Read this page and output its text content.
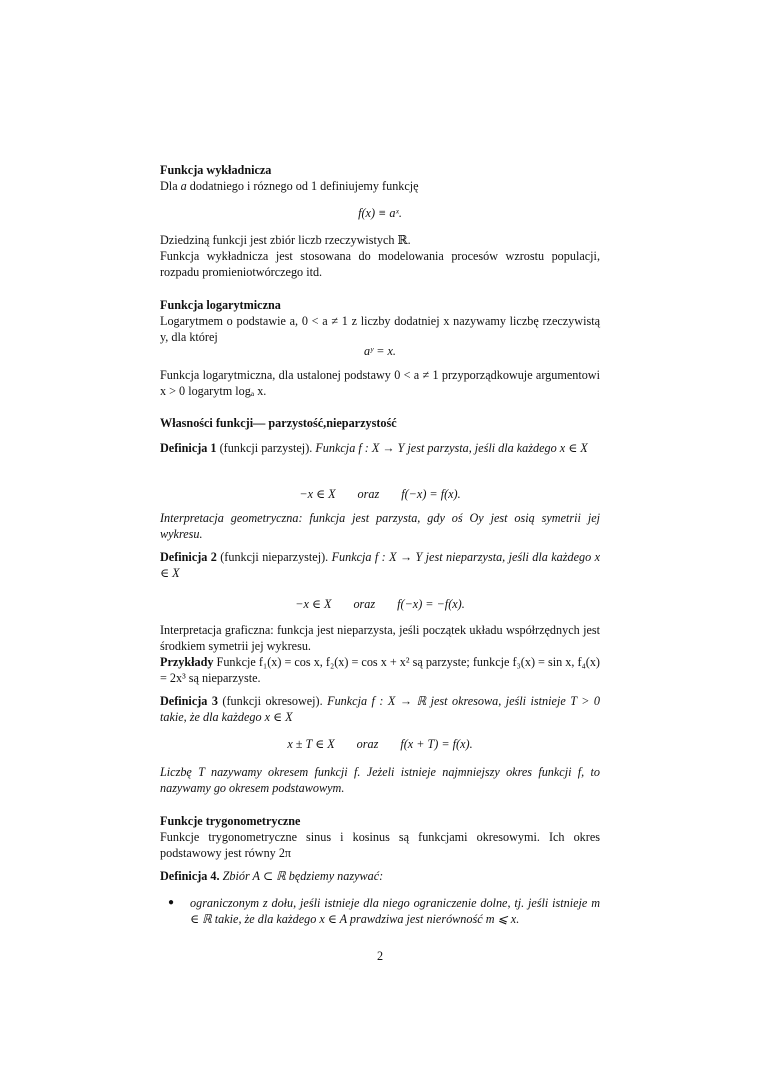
Funkcja wykładnicza
Dla a dodatniego i róznego od 1 definiujemy funkcję
f(x) ≡ aˣ.
Dziedziną funkcji jest zbiór liczb rzeczywistych ℝ.
Funkcja wykładnicza jest stosowana do modelowania procesów wzrostu populacji, rozpadu promieniotwórczego itd.
Funkcja logarytmiczna
Logarytmem o podstawie a, 0 < a ≠ 1 z liczby dodatniej x nazywamy liczbę rzeczywistą y, dla której
aʸ = x.
Funkcja logarytmiczna, dla ustalonej podstawy 0 < a ≠ 1 przyporządkowuje argumentowi x > 0 logarytm logₐ x.
Własności funkcji— parzystość,nieparzystość
Definicja 1 (funkcji parzystej). Funkcja f : X → Y jest parzysta, jeśli dla każdego x ∈ X
−x ∈ X oraz f(−x) = f(x).
Interpretacja geometryczna: funkcja jest parzysta, gdy oś Oy jest osią symetrii jej wykresu.
Definicja 2 (funkcji nieparzystej). Funkcja f : X → Y jest nieparzysta, jeśli dla każdego x ∈ X
−x ∈ X oraz f(−x) = −f(x).
Interpretacja graficzna: funkcja jest nieparzysta, jeśli początek układu współrzędnych jest środkiem symetrii jej wykresu.
Przykłady Funkcje f₁(x) = cos x, f₂(x) = cos x + x² są parzyste; funkcje f₃(x) = sin x, f₄(x) = 2x³ są nieparzyste.
Definicja 3 (funkcji okresowej). Funkcja f : X → ℝ jest okresowa, jeśli istnieje T > 0 takie, że dla każdego x ∈ X
x ± T ∈ X oraz f(x + T) = f(x).
Liczbę T nazywamy okresem funkcji f. Jeżeli istnieje najmniejszy okres funkcji f, to nazywamy go okresem podstawowym.
Funkcje trygonometryczne
Funkcje trygonometryczne sinus i kosinus są funkcjami okresowymi. Ich okres podstawowy jest równy 2π
Definicja 4. Zbiór A ⊂ ℝ będziemy nazywać:
● ograniczonym z dołu, jeśli istnieje dla niego ograniczenie dolne, tj. jeśli istnieje m ∈ ℝ takie, że dla każdego x ∈ A prawdziwa jest nierówność m ⩽ x.
2
